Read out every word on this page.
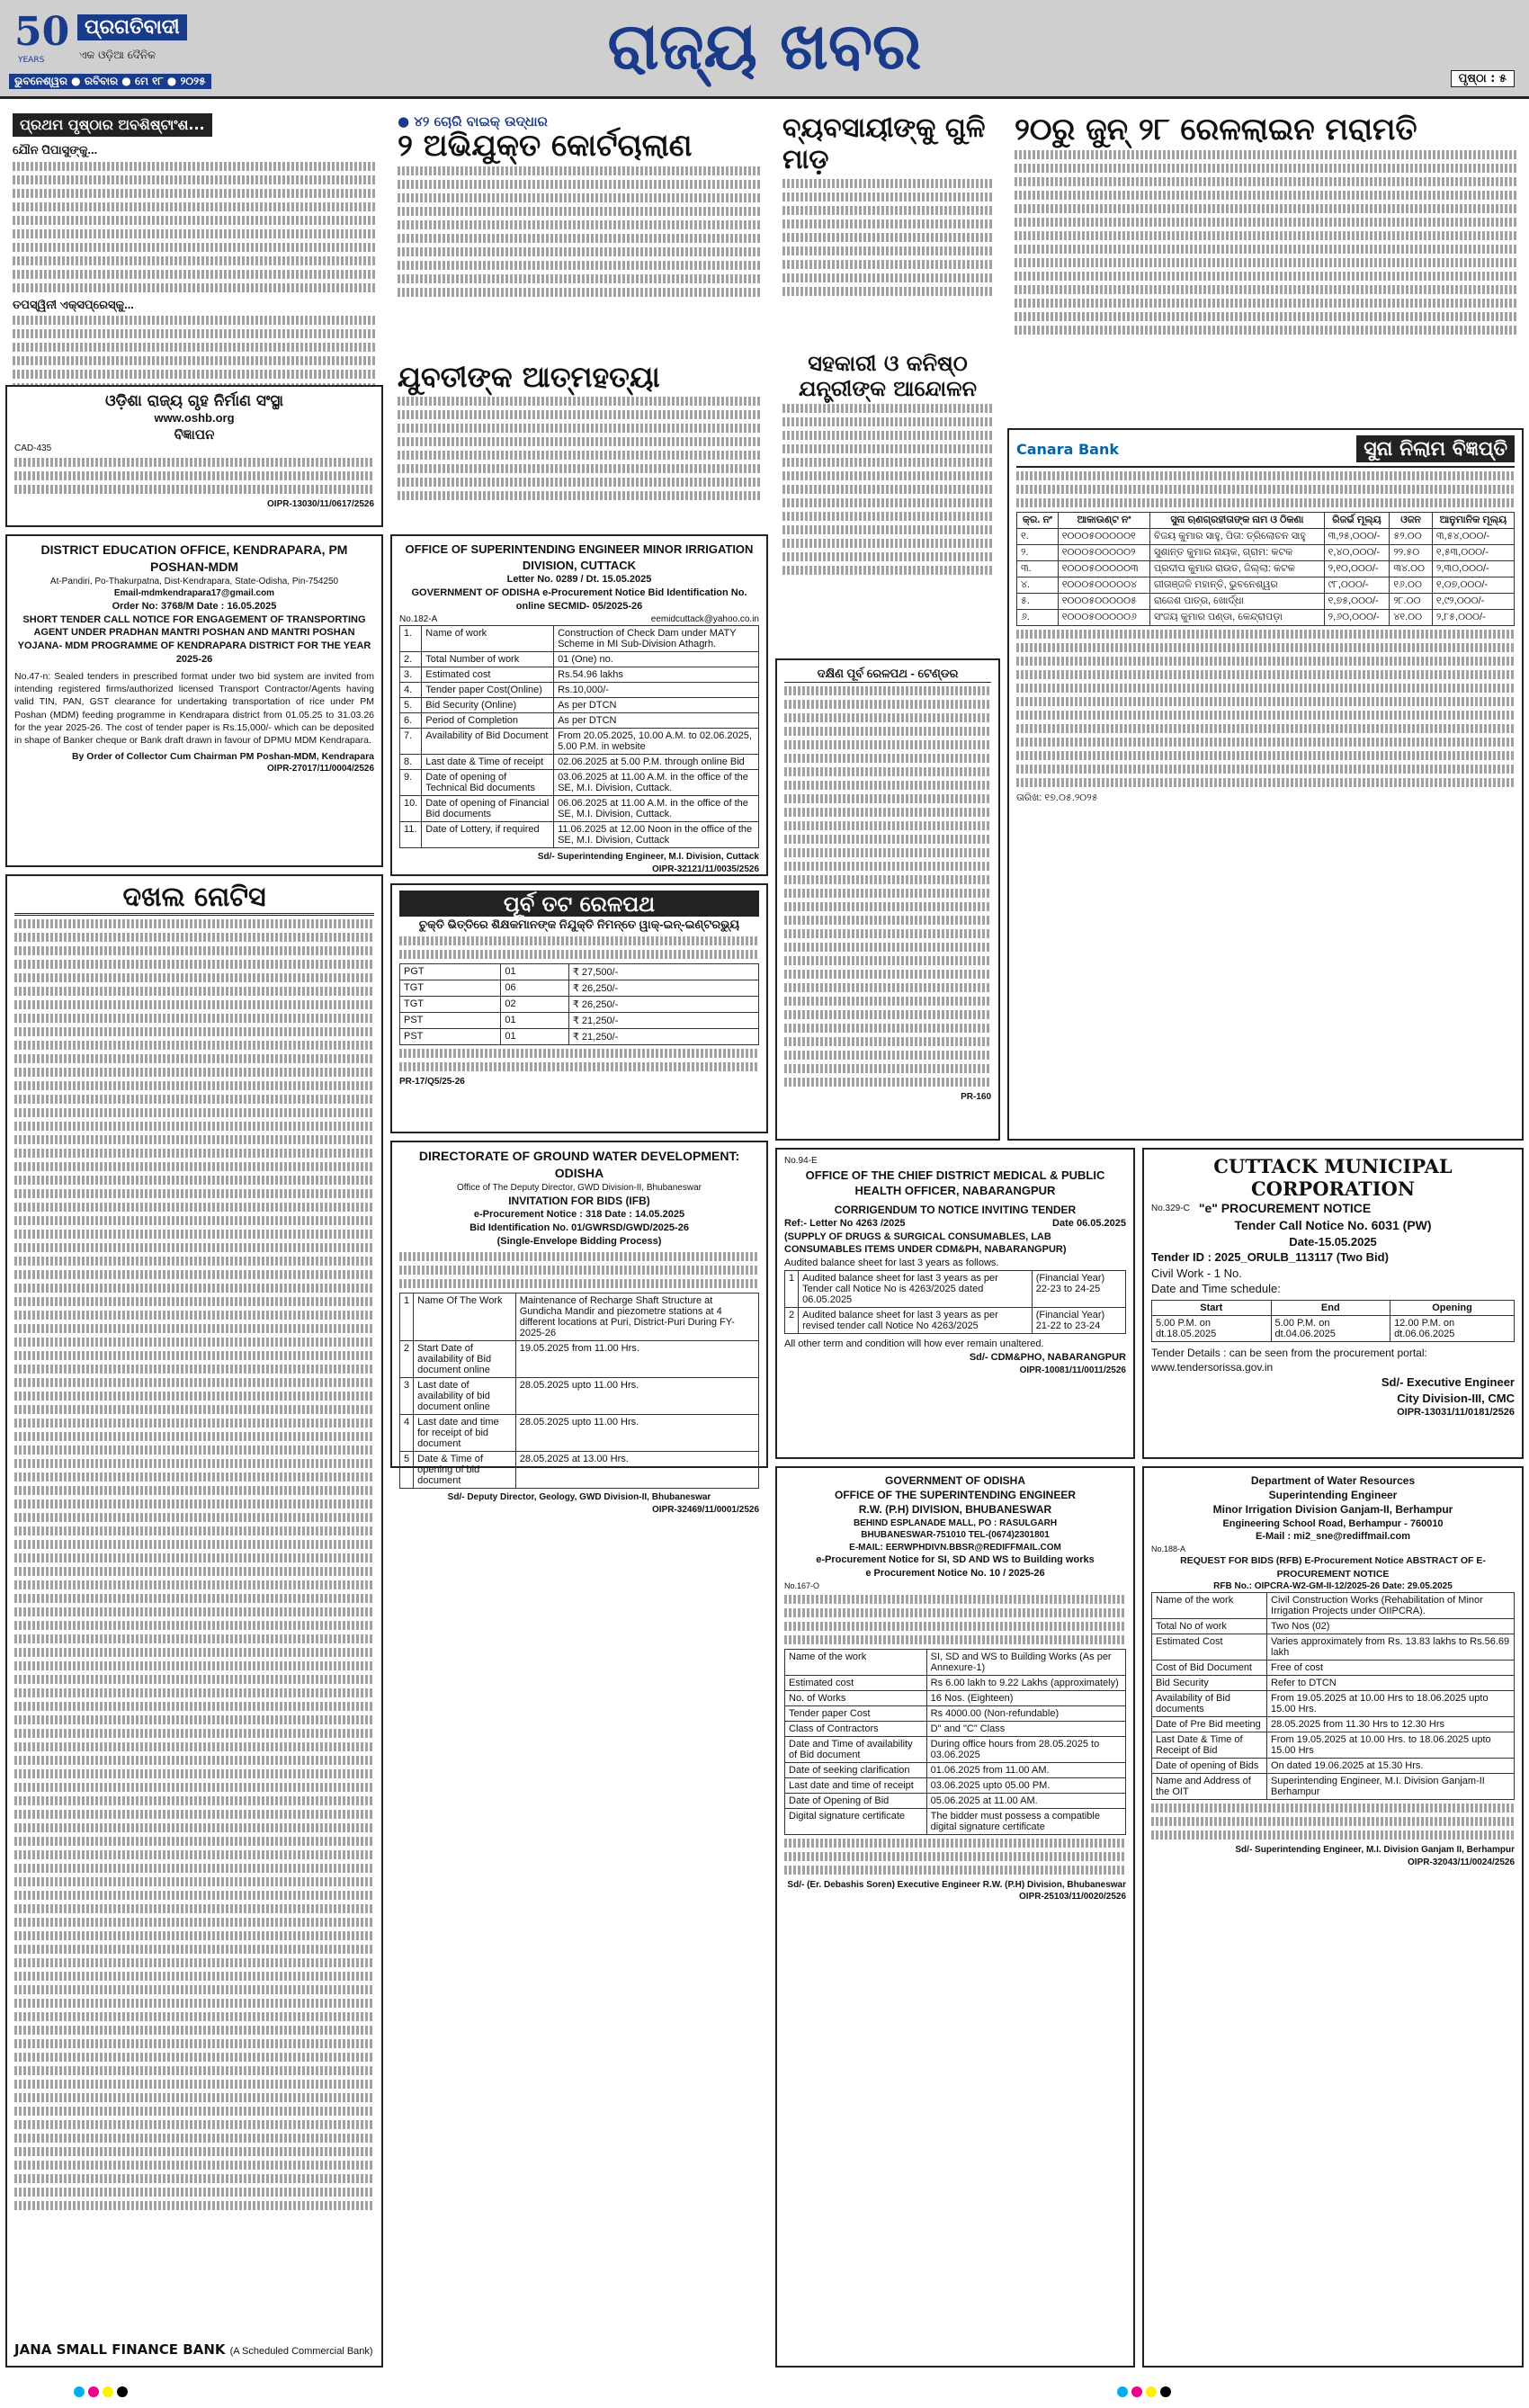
50
YEARS
ପ୍ରଗତିବାଦୀ
ଏକ ଓଡ଼ିଆ ଦୈନିକ
ଭୁବନେଶ୍ୱର ● ରବିବାର ● ମେ ୧୮ ● ୨୦୨୫	ରାଜ୍ୟ ଖବର	ପୃଷ୍ଠା : ୫
ପ୍ରଥମ ପୃଷ୍ଠାର ଅବଶିଷ୍ଟାଂଶ...
ଯୌନ ପିପାସୁଙ୍କୁ...
ତପସ୍ୱିନୀ ଏକ୍ସପ୍ରେସ୍‌କୁ...
ଓଡ଼ିଶା ରାଜ୍ୟ ଗୃହ ନିର୍ମାଣ ସଂସ୍ଥା
www.oshb.org
ବିଜ୍ଞାପନ
CAD-435
OIPR-13030/11/0617/2526
DISTRICT EDUCATION OFFICE, KENDRAPARA, PM POSHAN-MDM
At-Pandiri, Po-Thakurpatna, Dist-Kendrapara, State-Odisha, Pin-754250
Email-mdmkendrapara17@gmail.com
Order No: 3768/M Date : 16.05.2025
SHORT TENDER CALL NOTICE FOR ENGAGEMENT OF TRANSPORTING AGENT UNDER PRADHAN MANTRI POSHAN AND MANTRI POSHAN YOJANA- MDM PROGRAMME OF KENDRAPARA DISTRICT FOR THE YEAR 2025-26
No.47-n: Sealed tenders in prescribed format under two bid system are invited from intending registered firms/authorized licensed Transport Contractor/Agents having valid TIN, PAN, GST clearance for undertaking transportation of rice under PM Poshan (MDM) feeding programme in Kendrapara district from 01.05.25 to 31.03.26 for the year 2025-26. The cost of tender paper is Rs.15,000/- which can be deposited in shape of Banker cheque or Bank draft drawn in favour of DPMU MDM Kendrapara.
By Order of Collector Cum Chairman PM Poshan-MDM, Kendrapara
OIPR-27017/11/0004/2526
ଦଖଲ ନୋଟିସ
JANA SMALL FINANCE BANK (A Scheduled Commercial Bank)
● ୪୨ ଚୋରି ବାଇକ୍ ଉଦ୍ଧାର
୨ ଅଭିଯୁକ୍ତ କୋର୍ଟଚାଲାଣ
ଯୁବତୀଙ୍କ ଆତ୍ମହତ୍ୟା
OFFICE OF SUPERINTENDING ENGINEER MINOR IRRIGATION DIVISION, CUTTACK
Letter No. 0289 / Dt. 15.05.2025
GOVERNMENT OF ODISHA e-Procurement Notice Bid Identification No. online SECMID- 05/2025-26
No.182-A	eemidcuttack@yahoo.co.in
1.	Name of work	Construction of Check Dam under MATY Scheme in MI Sub-Division Athagrh.
2.	Total Number of work	01 (One) no.
3.	Estimated cost	Rs.54.96 lakhs
4.	Tender paper Cost(Online)	Rs.10,000/-
5.	Bid Security (Online)	As per DTCN
6.	Period of Completion	As per DTCN
7.	Availability of Bid Document	From 20.05.2025, 10.00 A.M. to 02.06.2025, 5.00 P.M. in website
8.	Last date & Time of receipt	02.06.2025 at 5.00 P.M. through online Bid
9.	Date of opening of Technical Bid documents	03.06.2025 at 11.00 A.M. in the office of the SE, M.I. Division, Cuttack.
10.	Date of opening of Financial Bid documents	06.06.2025 at 11.00 A.M. in the office of the SE, M.I. Division, Cuttack.
11.	Date of Lottery, if required	11.06.2025 at 12.00 Noon in the office of the SE, M.I. Division, Cuttack
Sd/- Superintending Engineer, M.I. Division, Cuttack
OIPR-32121/11/0035/2526
ପୂର୍ବ ତଟ ରେଳପଥ
ଚୁକ୍ତି ଭିତ୍ତିରେ ଶିକ୍ଷକମାନଙ୍କ ନିଯୁକ୍ତି ନିମନ୍ତେ ୱାକ୍-ଇନ୍-ଇଣ୍ଟରଭ୍ୟୁ
PGT	01	₹ 27,500/-
TGT	06	₹ 26,250/-
TGT	02	₹ 26,250/-
PST	01	₹ 21,250/-
PST	01	₹ 21,250/-
PR-17/Q5/25-26
DIRECTORATE OF GROUND WATER DEVELOPMENT: ODISHA
Office of The Deputy Director, GWD Division-II, Bhubaneswar
INVITATION FOR BIDS (IFB)
e-Procurement Notice : 318 Date : 14.05.2025
Bid Identification No. 01/GWRSD/GWD/2025-26
(Single-Envelope Bidding Process)
1	Name Of The Work	Maintenance of Recharge Shaft Structure at Gundicha Mandir and piezometre stations at 4 different locations at Puri, District-Puri During FY-2025-26
2	Start Date of availability of Bid document online	19.05.2025 from 11.00 Hrs.
3	Last date of availability of bid document online	28.05.2025 upto 11.00 Hrs.
4	Last date and time for receipt of bid document	28.05.2025 upto 11.00 Hrs.
5	Date & Time of opening of bid document	28.05.2025 at 13.00 Hrs.
Sd/- Deputy Director, Geology, GWD Division-II, Bhubaneswar
OIPR-32469/11/0001/2526
ବ୍ୟବସାୟୀଙ୍କୁ ଗୁଳି ମାଡ଼
ସହକାରୀ ଓ କନିଷ୍ଠ ଯନ୍ତ୍ରୀଙ୍କ ଆନ୍ଦୋଳନ
ଦକ୍ଷିଣ ପୂର୍ବ ରେଳପଥ - ଟେଣ୍ଡର
PR-160
୨୦ରୁ ଜୁନ୍ ୨୮ ରେଳଲାଇନ ମରାମତି
Canara Bank	ସୁନା ନିଲାମ ବିଜ୍ଞପ୍ତି
କ୍ର. ନଂ	ଆକାଉଣ୍ଟ ନଂ	ସୁନା ଋଣଗ୍ରହୀତାଙ୍କ ନାମ ଓ ଠିକଣା	ରିଜର୍ଭ ମୂଲ୍ୟ	ଓଜନ	ଆନୁମାନିକ ମୂଲ୍ୟ
୧.	୧୦୦୦୫୦୦୦୦୦୧	ବିଜୟ କୁମାର ସାହୁ, ପିତା: ତ୍ରିଲୋଚନ ସାହୁ	୩,୨୫,୦୦୦/-	୫୨.୦୦	୩,୫୪,୦୦୦/-
୨.	୧୦୦୦୫୦୦୦୦୦୨	ସୁଶାନ୍ତ କୁମାର ନାୟକ, ଗ୍ରାମ: କଟକ	୧,୪୦,୦୦୦/-	୨୨.୫୦	୧,୫୩,୦୦୦/-
୩.	୧୦୦୦୫୦୦୦୦୦୩	ପ୍ରଦୀପ କୁମାର ରାଉତ, ଜିଲ୍ଲା: କଟକ	୨,୧୦,୦୦୦/-	୩୪.୦୦	୨,୩୦,୦୦୦/-
୪.	୧୦୦୦୫୦୦୦୦୦୪	ଗୀତାଞ୍ଜଳି ମହାନ୍ତି, ଭୁବନେଶ୍ୱର	୯୮,୦୦୦/-	୧୬.୦୦	୧,୦୭,୦୦୦/-
୫.	୧୦୦୦୫୦୦୦୦୦୫	ରାଜେଶ ପାତ୍ର, ଖୋର୍ଦ୍ଧା	୧,୭୫,୦୦୦/-	୨୮.୦୦	୧,୯୨,୦୦୦/-
୬.	୧୦୦୦୫୦୦୦୦୦୬	ସଂଜୟ କୁମାର ପଣ୍ଡା, କେନ୍ଦ୍ରାପଡ଼ା	୨,୬୦,୦୦୦/-	୪୧.୦୦	୨,୮୫,୦୦୦/-
ତାରିଖ: ୧୭.୦୫.୨୦୨୫
No.94-E
OFFICE OF THE CHIEF DISTRICT MEDICAL & PUBLIC HEALTH OFFICER, NABARANGPUR
CORRIGENDUM TO NOTICE INVITING TENDER
Ref:- Letter No 4263 /2025	Date 06.05.2025
(SUPPLY OF DRUGS & SURGICAL CONSUMABLES, LAB CONSUMABLES ITEMS UNDER CDM&PH, NABARANGPUR)
Audited balance sheet for last 3 years as follows.
1	Audited balance sheet for last 3 years as per Tender call Notice No is 4263/2025 dated 06.05.2025	(Financial Year) 22-23 to 24-25
2	Audited balance sheet for last 3 years as per revised tender call Notice No 4263/2025	(Financial Year) 21-22 to 23-24
All other term and condition will how ever remain unaltered.
Sd/- CDM&PHO, NABARANGPUR
OIPR-10081/11/0011/2526
CUTTACK MUNICIPAL CORPORATION
No.329-C "e" PROCUREMENT NOTICE
Tender Call Notice No. 6031 (PW)
Date-15.05.2025
Tender ID : 2025_ORULB_113117 (Two Bid)
Civil Work - 1 No.
Date and Time schedule:
Start	End	Opening
5.00 P.M. on dt.18.05.2025	5.00 P.M. on dt.04.06.2025	12.00 P.M. on dt.06.06.2025
Tender Details : can be seen from the procurement portal: www.tendersorissa.gov.in
Sd/- Executive Engineer
City Division-III, CMC
OIPR-13031/11/0181/2526
GOVERNMENT OF ODISHA
OFFICE OF THE SUPERINTENDING ENGINEER
R.W. (P.H) DIVISION, BHUBANESWAR
BEHIND ESPLANADE MALL, PO : RASULGARH
BHUBANESWAR-751010 TEL-(0674)2301801
E-MAIL: EERWPHDIVN.BBSR@REDIFFMAIL.COM
e-Procurement Notice for SI, SD AND WS to Building works
e Procurement Notice No. 10 / 2025-26
No.167-O
Name of the work	SI, SD and WS to Building Works (As per Annexure-1)
Estimated cost	Rs 6.00 lakh to 9.22 Lakhs (approximately)
No. of Works	16 Nos. (Eighteen)
Tender paper Cost	Rs 4000.00 (Non-refundable)
Class of Contractors	D" and "C" Class
Date and Time of availability of Bid document	During office hours from 28.05.2025 to 03.06.2025
Date of seeking clarification	01.06.2025 from 11.00 AM.
Last date and time of receipt	03.06.2025 upto 05.00 PM.
Date of Opening of Bid	05.06.2025 at 11.00 AM.
Digital signature certificate	The bidder must possess a compatible digital signature certificate
Sd/- (Er. Debashis Soren) Executive Engineer R.W. (P.H) Division, Bhubaneswar
OIPR-25103/11/0020/2526
Department of Water Resources
Superintending Engineer
Minor Irrigation Division Ganjam-II, Berhampur
Engineering School Road, Berhampur - 760010
E-Mail : mi2_sne@rediffmail.com
No.188-A
REQUEST FOR BIDS (RFB) E-Procurement Notice ABSTRACT OF E-PROCUREMENT NOTICE
RFB No.: OIPCRA-W2-GM-II-12/2025-26 Date: 29.05.2025
Name of the work	Civil Construction Works (Rehabilitation of Minor Irrigation Projects under OIIPCRA).
Total No of work	Two Nos (02)
Estimated Cost	Varies approximately from Rs. 13.83 lakhs to Rs.56.69 lakh
Cost of Bid Document	Free of cost
Bid Security	Refer to DTCN
Availability of Bid documents	From 19.05.2025 at 10.00 Hrs to 18.06.2025 upto 15.00 Hrs.
Date of Pre Bid meeting	28.05.2025 from 11.30 Hrs to 12.30 Hrs
Last Date & Time of Receipt of Bid	From 19.05.2025 at 10.00 Hrs. to 18.06.2025 upto 15.00 Hrs
Date of opening of Bids	On dated 19.06.2025 at 15.30 Hrs.
Name and Address of the OIT	Superintending Engineer, M.I. Division Ganjam-II Berhampur
Sd/- Superintending Engineer, M.I. Division Ganjam II, Berhampur
OIPR-32043/11/0024/2526
